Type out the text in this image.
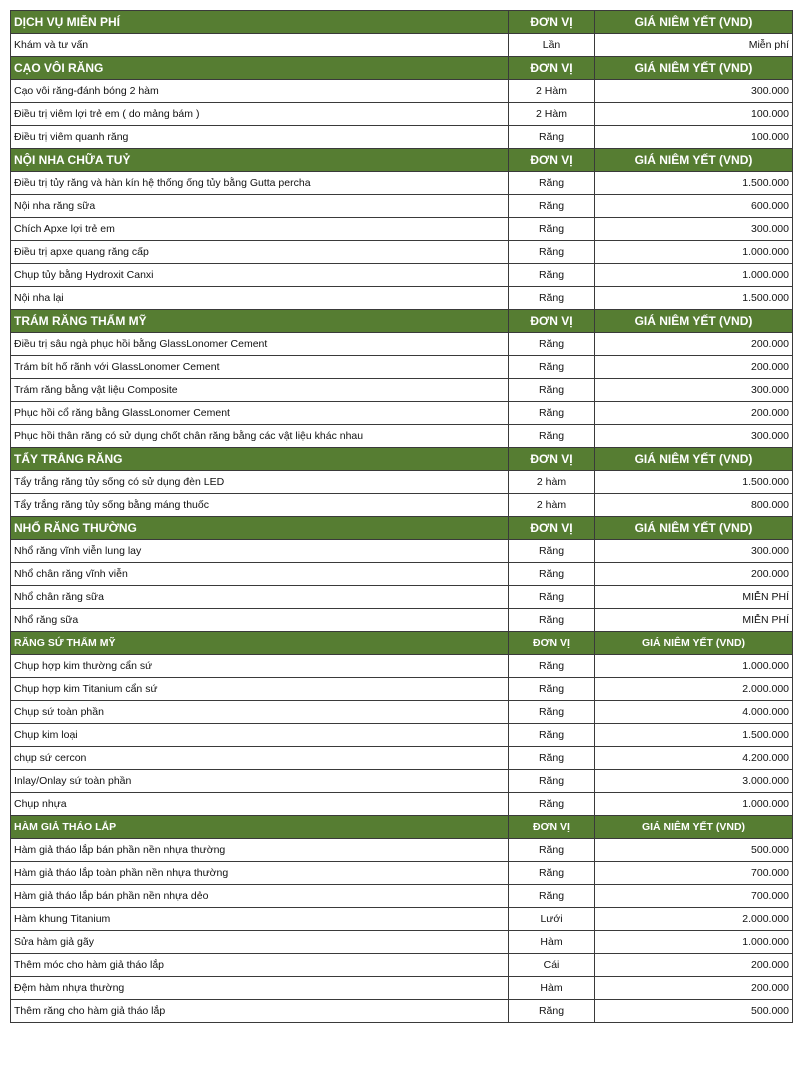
DỊCH VỤ MIỄN PHÍ	ĐƠN VỊ	GIÁ NIÊM YẾT (VND)
Khám và tư vấn	Lần	Miễn phí
CẠO VÔI RĂNG	ĐƠN VỊ	GIÁ NIÊM YẾT (VND)
Cạo vôi răng-đánh bóng 2 hàm	2 Hàm	300.000
Điều trị viêm lợi trẻ em ( do mảng bám )	2 Hàm	100.000
Điều trị viêm quanh răng	Răng	100.000
NỘI NHA CHỮA TUỶ	ĐƠN VỊ	GIÁ NIÊM YẾT (VND)
Điều trị tủy răng và hàn kín hệ thống ống tủy bằng Gutta percha	Răng	1.500.000
Nội nha răng sữa	Răng	600.000
Chích Apxe lợi trẻ em	Răng	300.000
Điều trị apxe quang răng cấp	Răng	1.000.000
Chụp tủy bằng Hydroxit Canxi	Răng	1.000.000
Nội nha lại	Răng	1.500.000
TRÁM RĂNG THẨM MỸ	ĐƠN VỊ	GIÁ NIÊM YẾT (VND)
Điều trị sâu ngà phục hồi bằng GlassLonomer Cement	Răng	200.000
Trám bít hố rãnh với GlassLonomer Cement	Răng	200.000
Trám răng bằng vật liệu Composite	Răng	300.000
Phục hồi cổ răng bằng GlassLonomer Cement	Răng	200.000
Phục hồi thân răng có sử dụng chốt chân răng bằng các vật liệu khác nhau	Răng	300.000
TẨY TRẮNG RĂNG	ĐƠN VỊ	GIÁ NIÊM YẾT (VND)
Tẩy trắng răng tủy sống có sử dụng đèn LED	2 hàm	1.500.000
Tẩy trắng răng tủy sống bằng máng thuốc	2 hàm	800.000
NHỔ RĂNG THƯỜNG	ĐƠN VỊ	GIÁ NIÊM YẾT (VND)
Nhổ răng vĩnh viễn lung lay	Răng	300.000
Nhổ chân răng vĩnh viễn	Răng	200.000
Nhổ chân răng sữa	Răng	MIỄN PHÍ
Nhổ răng sữa	Răng	MIỄN PHÍ
RĂNG SỨ THẨM MỸ	ĐƠN VỊ	GIÁ NIÊM YẾT (VND)
Chụp hợp kim thường cẩn sứ	Răng	1.000.000
Chụp hợp kim Titanium cẩn sứ	Răng	2.000.000
Chụp sứ toàn phần	Răng	4.000.000
Chụp kim loại	Răng	1.500.000
chụp sứ cercon	Răng	4.200.000
Inlay/Onlay sứ toàn phần	Răng	3.000.000
Chụp nhựa	Răng	1.000.000
HÀM GIẢ THÁO LẮP	ĐƠN VỊ	GIÁ NIÊM YẾT (VND)
Hàm giả tháo lắp bán phần nền nhựa thường	Răng	500.000
Hàm giả tháo lắp toàn phần nền nhựa thường	Răng	700.000
Hàm giả tháo lắp bán phần nền nhựa dẻo	Răng	700.000
Hàm khung Titanium	Lưới	2.000.000
Sửa hàm giả gãy	Hàm	1.000.000
Thêm móc cho hàm giả tháo lắp	Cái	200.000
Đệm hàm nhựa thường	Hàm	200.000
Thêm răng cho hàm giả tháo lắp	Răng	500.000
